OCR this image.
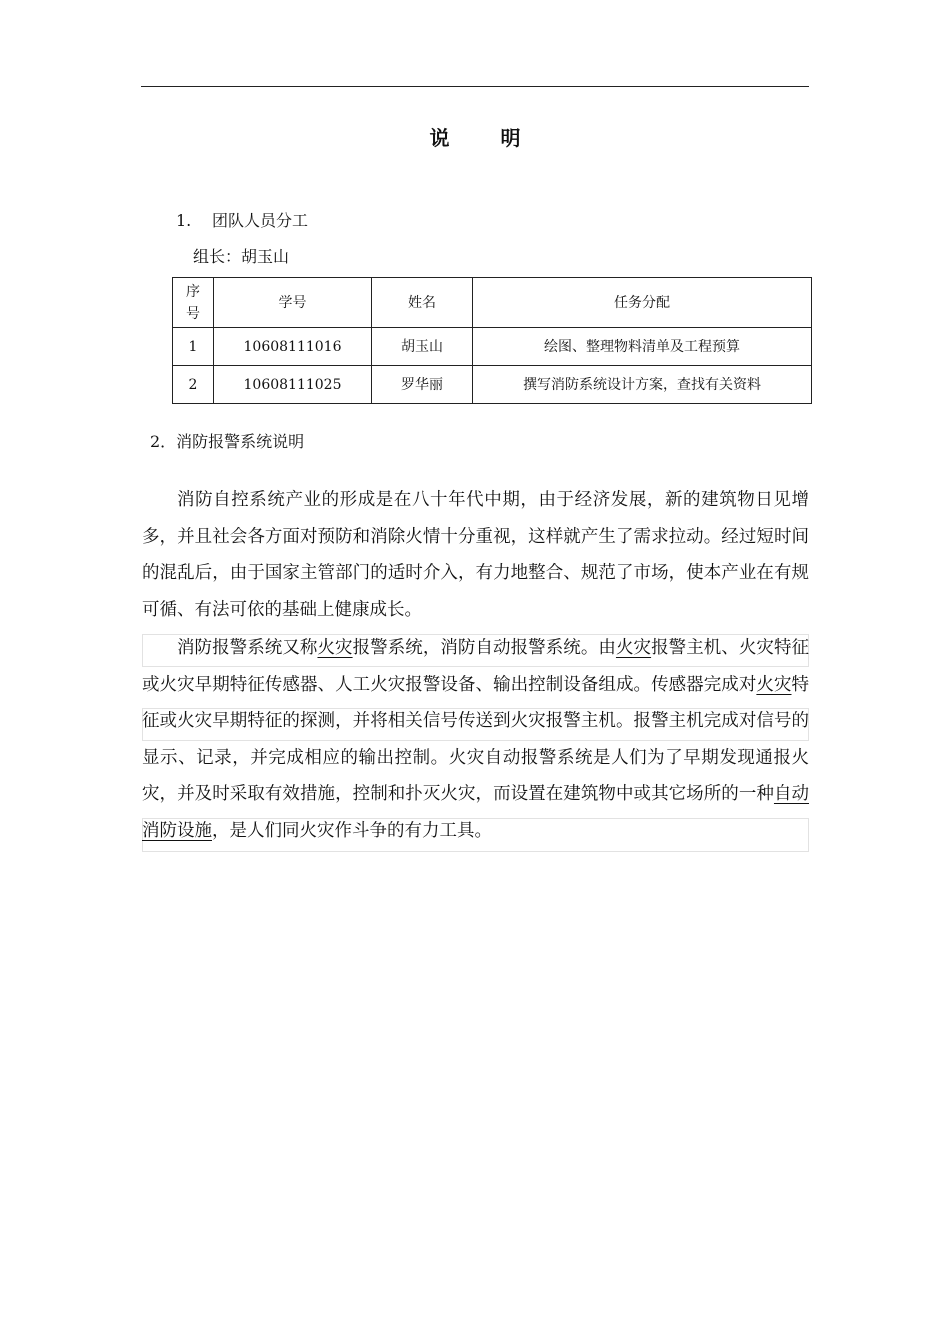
说 明
1. 团队人员分工
组长：胡玉山
序号	学号	姓名	任务分配
1	10608111016	胡玉山	绘图、整理物料清单及工程预算
2	10608111025	罗华丽	撰写消防系统设计方案，查找有关资料
2．消防报警系统说明
消防自控系统产业的形成是在八十年代中期，由于经济发展，新的建筑物日见增多，并且社会各方面对预防和消除火情十分重视，这样就产生了需求拉动。经过短时间的混乱后，由于国家主管部门的适时介入，有力地整合、规范了市场，使本产业在有规可循、有法可依的基础上健康成长。
消防报警系统又称火灾报警系统，消防自动报警系统。由火灾报警主机、火灾特征或火灾早期特征传感器、人工火灾报警设备、输出控制设备组成。传感器完成对火灾特征或火灾早期特征的探测，并将相关信号传送到火灾报警主机。报警主机完成对信号的显示、记录，并完成相应的输出控制。火灾自动报警系统是人们为了早期发现通报火灾，并及时采取有效措施，控制和扑灭火灾，而设置在建筑物中或其它场所的一种自动消防设施，是人们同火灾作斗争的有力工具。
